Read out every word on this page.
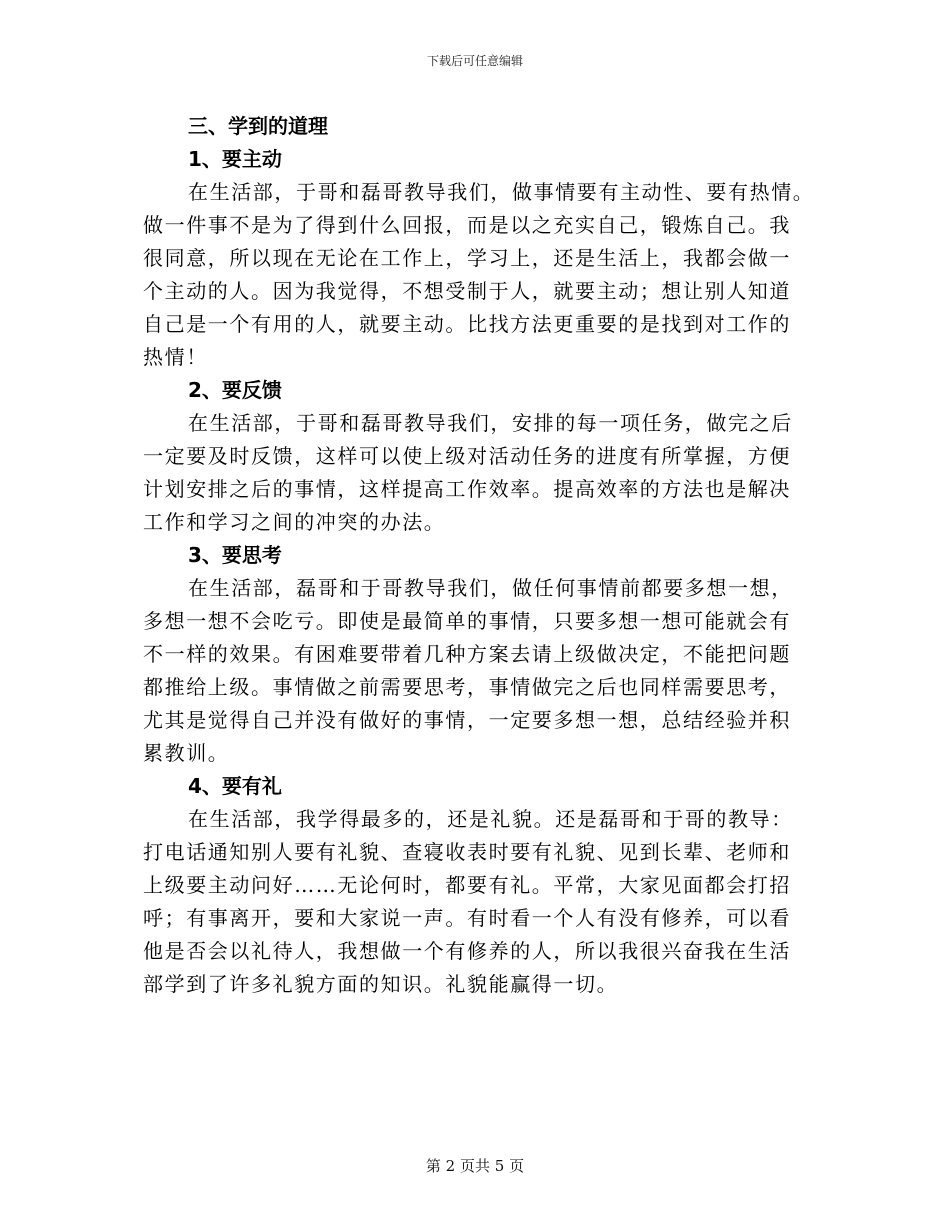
下载后可任意编辑
三、学到的道理
1、要主动
在生活部，于哥和磊哥教导我们，做事情要有主动性、要有热情。
做一件事不是为了得到什么回报，而是以之充实自己，锻炼自己。我
很同意，所以现在无论在工作上，学习上，还是生活上，我都会做一
个主动的人。因为我觉得，不想受制于人，就要主动；想让别人知道
自己是一个有用的人，就要主动。比找方法更重要的是找到对工作的
热情！
2、要反馈
在生活部，于哥和磊哥教导我们，安排的每一项任务，做完之后
一定要及时反馈，这样可以使上级对活动任务的进度有所掌握，方便
计划安排之后的事情，这样提高工作效率。提高效率的方法也是解决
工作和学习之间的冲突的办法。
3、要思考
在生活部，磊哥和于哥教导我们，做任何事情前都要多想一想，
多想一想不会吃亏。即使是最简单的事情，只要多想一想可能就会有
不一样的效果。有困难要带着几种方案去请上级做决定，不能把问题
都推给上级。事情做之前需要思考，事情做完之后也同样需要思考，
尤其是觉得自己并没有做好的事情，一定要多想一想，总结经验并积
累教训。
4、要有礼
在生活部，我学得最多的，还是礼貌。还是磊哥和于哥的教导：
打电话通知别人要有礼貌、查寝收表时要有礼貌、见到长辈、老师和
上级要主动问好……无论何时，都要有礼。平常，大家见面都会打招
呼；有事离开，要和大家说一声。有时看一个人有没有修养，可以看
他是否会以礼待人，我想做一个有修养的人，所以我很兴奋我在生活
部学到了许多礼貌方面的知识。礼貌能赢得一切。
第 2 页共 5 页
